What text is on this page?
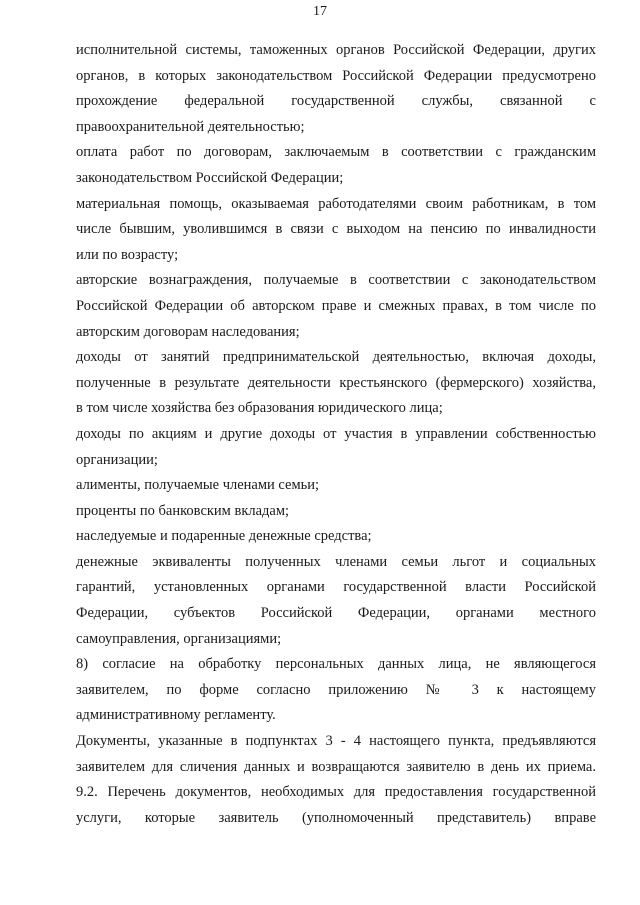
17
исполнительной системы, таможенных органов Российской Федерации, других
органов, в которых законодательством Российской Федерации предусмотрено
прохождение федеральной государственной службы, связанной с
правоохранительной деятельностью;
оплата работ по договорам, заключаемым в соответствии с гражданским
законодательством Российской Федерации;
материальная помощь, оказываемая работодателями своим работникам, в том
числе бывшим, уволившимся в связи с выходом на пенсию по инвалидности
или по возрасту;
авторские вознаграждения, получаемые в соответствии с законодательством
Российской Федерации об авторском праве и смежных правах, в том числе по
авторским договорам наследования;
доходы от занятий предпринимательской деятельностью, включая доходы,
полученные в результате деятельности крестьянского (фермерского) хозяйства,
в том числе хозяйства без образования юридического лица;
доходы по акциям и другие доходы от участия в управлении собственностью
организации;
алименты, получаемые членами семьи;
проценты по банковским вкладам;
наследуемые и подаренные денежные средства;
денежные эквиваленты полученных членами семьи льгот и социальных
гарантий, установленных органами государственной власти Российской
Федерации, субъектов Российской Федерации, органами местного
самоуправления, организациями;
8) согласие на обработку персональных данных лица, не являющегося
заявителем, по форме согласно приложению № 3 к настоящему
административному регламенту.
Документы, указанные в подпунктах 3 - 4 настоящего пункта, предъявляются
заявителем для сличения данных и возвращаются заявителю в день их приема.
9.2. Перечень документов, необходимых для предоставления государственной
услуги, которые заявитель (уполномоченный представитель) вправе
